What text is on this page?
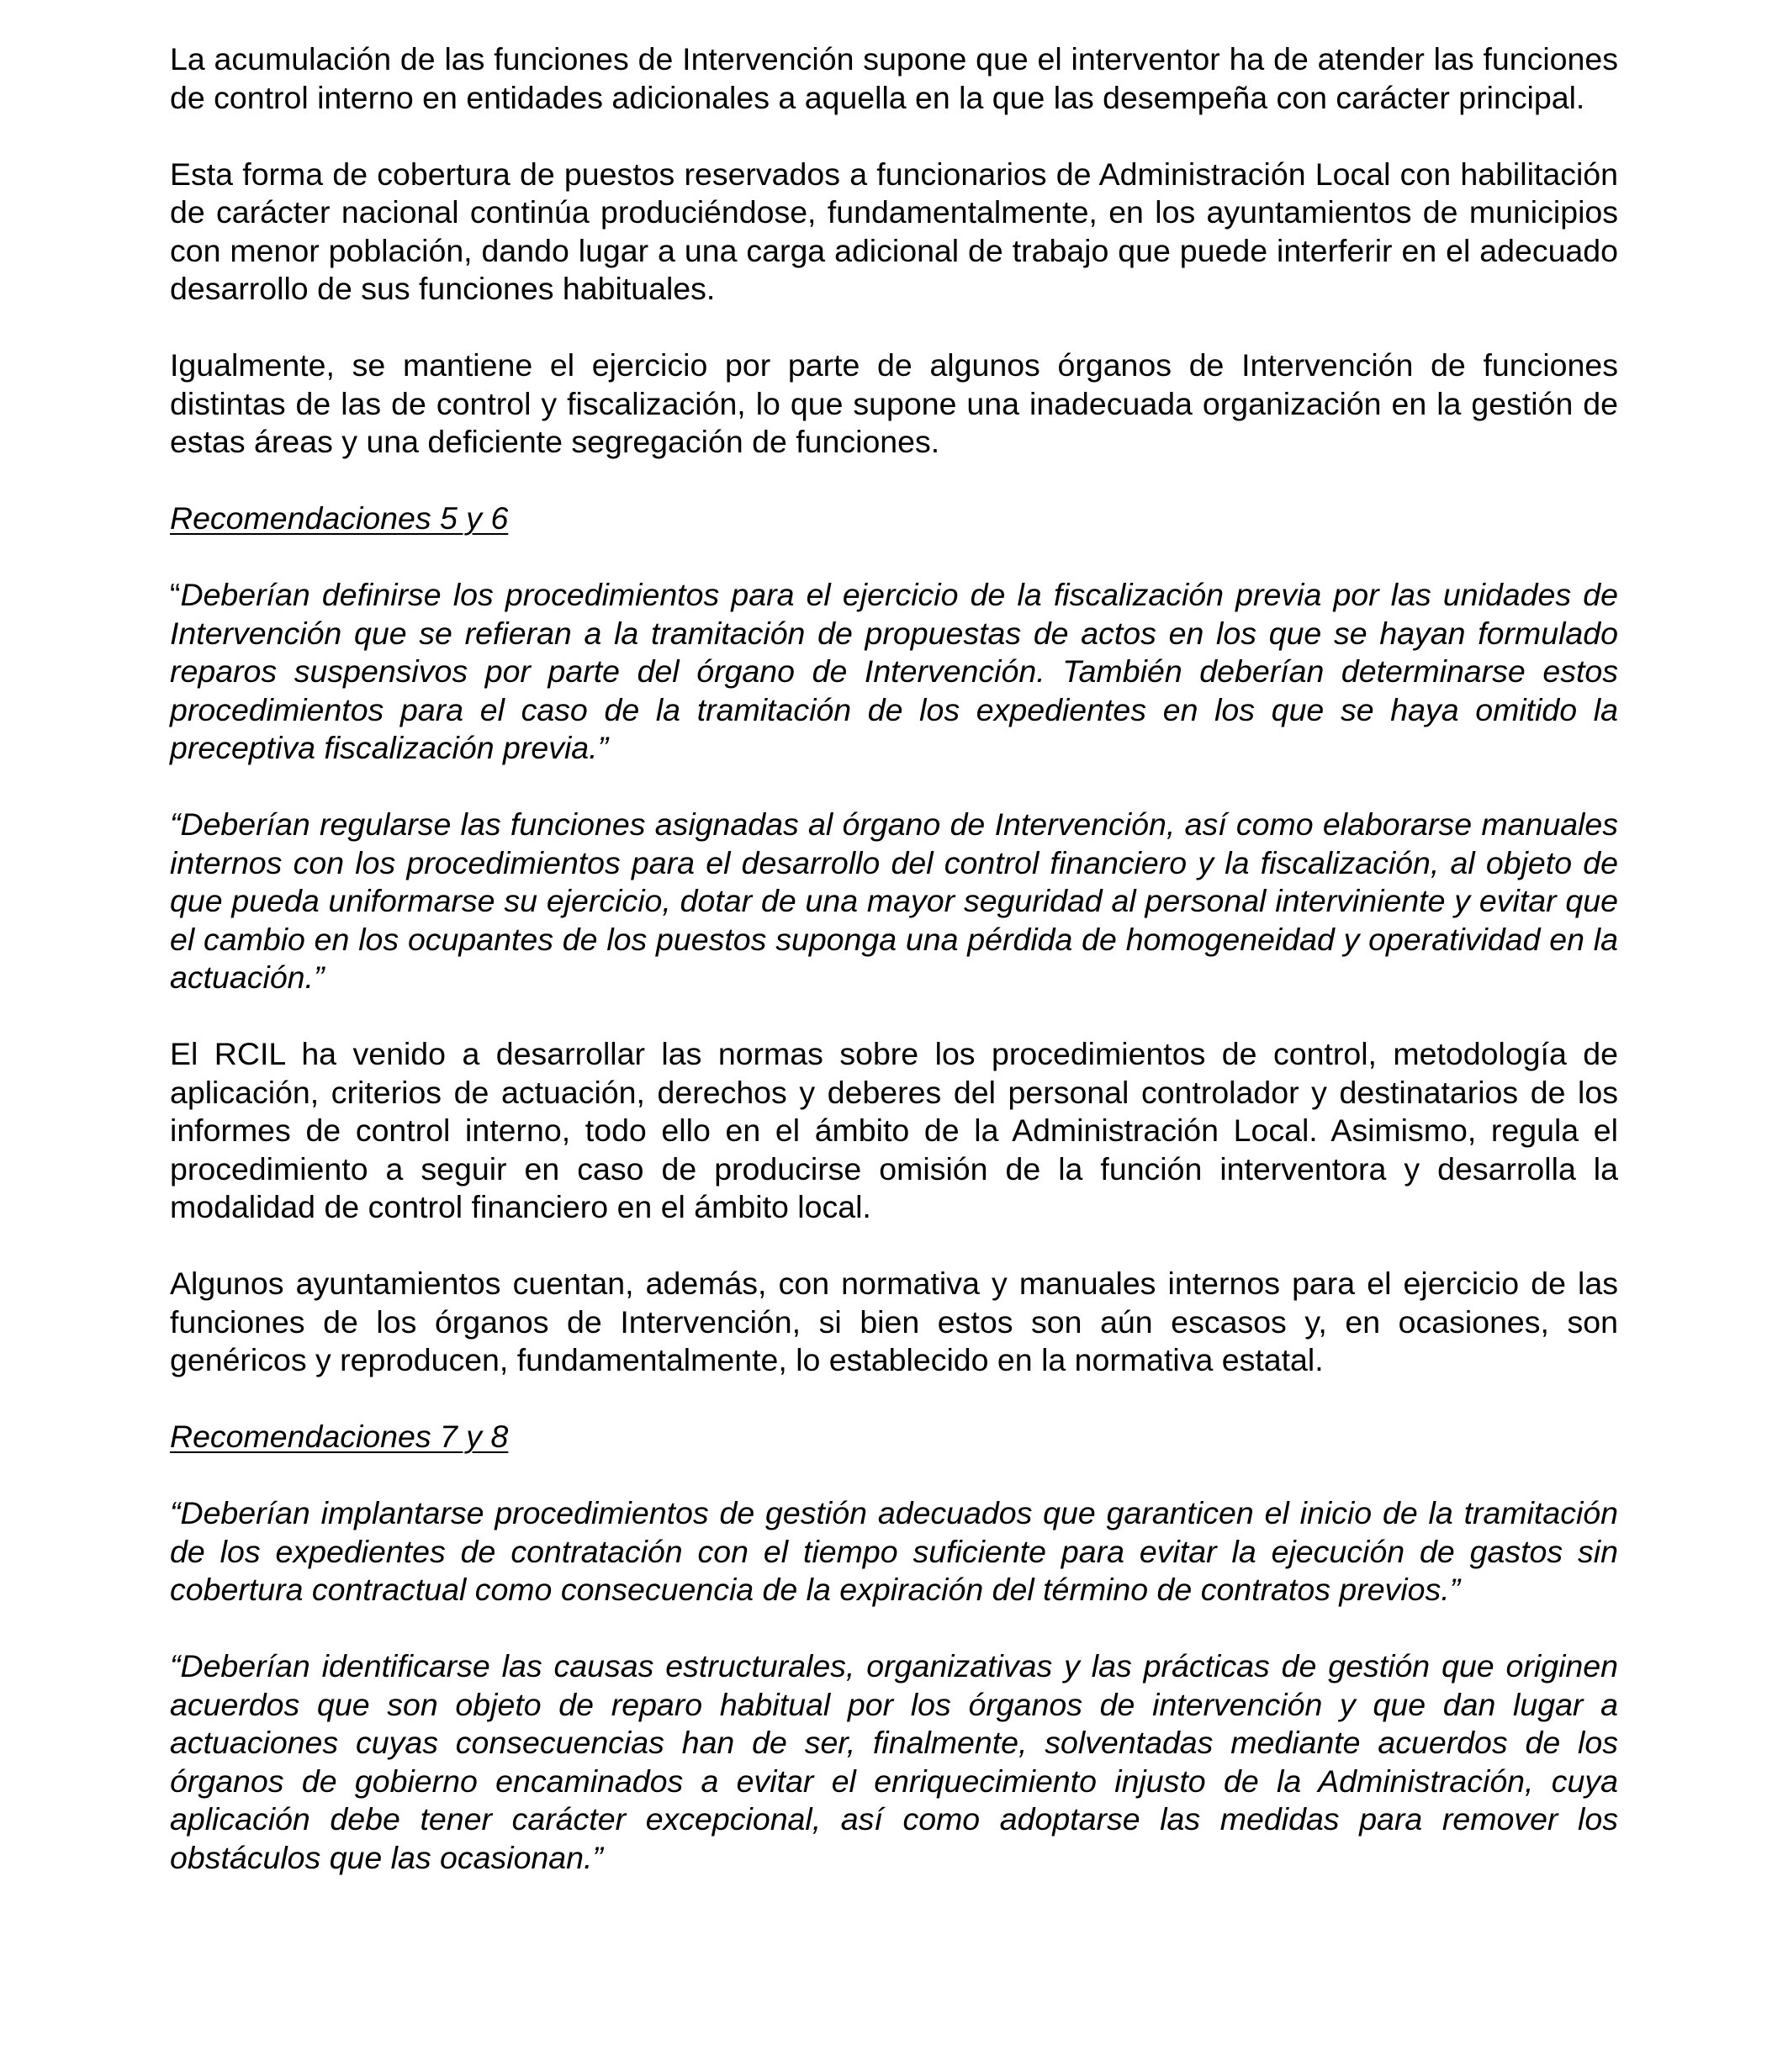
La acumulación de las funciones de Intervención supone que el interventor ha de atender las funciones de control interno en entidades adicionales a aquella en la que las desempeña con carácter principal.

Esta forma de cobertura de puestos reservados a funcionarios de Administración Local con habilitación de carácter nacional continúa produciéndose, fundamentalmente, en los ayuntamientos de municipios con menor población, dando lugar a una carga adicional de trabajo que puede interferir en el adecuado desarrollo de sus funciones habituales.

Igualmente, se mantiene el ejercicio por parte de algunos órganos de Intervención de funciones distintas de las de control y fiscalización, lo que supone una inadecuada organización en la gestión de estas áreas y una deficiente segregación de funciones.

Recomendaciones 5 y 6

“Deberían definirse los procedimientos para el ejercicio de la fiscalización previa por las unidades de Intervención que se refieran a la tramitación de propuestas de actos en los que se hayan formulado reparos suspensivos por parte del órgano de Intervención. También deberían determinarse estos procedimientos para el caso de la tramitación de los expedientes en los que se haya omitido la preceptiva fiscalización previa.”

“Deberían regularse las funciones asignadas al órgano de Intervención, así como elaborarse manuales internos con los procedimientos para el desarrollo del control financiero y la fiscalización, al objeto de que pueda uniformarse su ejercicio, dotar de una mayor seguridad al personal interviniente y evitar que el cambio en los ocupantes de los puestos suponga una pérdida de homogeneidad y operatividad en la actuación.”

El RCIL ha venido a desarrollar las normas sobre los procedimientos de control, metodología de aplicación, criterios de actuación, derechos y deberes del personal controlador y destinatarios de los informes de control interno, todo ello en el ámbito de la Administración Local. Asimismo, regula el procedimiento a seguir en caso de producirse omisión de la función interventora y desarrolla la modalidad de control financiero en el ámbito local.

Algunos ayuntamientos cuentan, además, con normativa y manuales internos para el ejercicio de las funciones de los órganos de Intervención, si bien estos son aún escasos y, en ocasiones, son genéricos y reproducen, fundamentalmente, lo establecido en la normativa estatal.

Recomendaciones 7 y 8

“Deberían implantarse procedimientos de gestión adecuados que garanticen el inicio de la tramitación de los expedientes de contratación con el tiempo suficiente para evitar la ejecución de gastos sin cobertura contractual como consecuencia de la expiración del término de contratos previos.”

“Deberían identificarse las causas estructurales, organizativas y las prácticas de gestión que originen acuerdos que son objeto de reparo habitual por los órganos de intervención y que dan lugar a actuaciones cuyas consecuencias han de ser, finalmente, solventadas mediante acuerdos de los órganos de gobierno encaminados a evitar el enriquecimiento injusto de la Administración, cuya aplicación debe tener carácter excepcional, así como adoptarse las medidas para remover los obstáculos que las ocasionan.”
